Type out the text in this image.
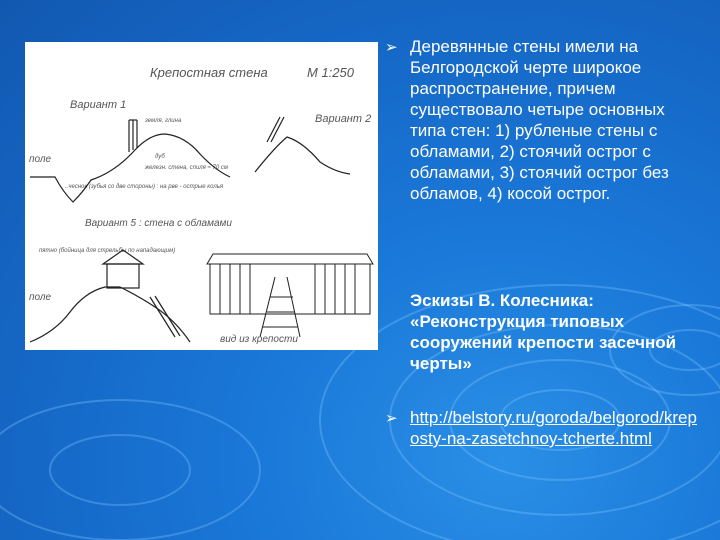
Крепостная стена	М 1:250
Вариант 1
Вариант 2
поле
земля, глина
дуб
железн. стена, спиля ≈ 70 см
..чеснок (зубья со две стороны) : на рве - острые колья
Вариант 5 : стена с обламами
поле
пятно (бойница для стрельбы по нападающим)
вид из крепости
➢ Деревянные стены имели на Белгородской черте широкое распространение, причем существовало четыре основных типа стен: 1) рубленые стены с обламами, 2) стоячий острог с обламами, 3) стоячий острог без обламов, 4) косой острог.
Эскизы В. Колесника: «Реконструкция типовых сооружений крепости засечной черты»
➢ http://belstory.ru/goroda/belgorod/kreposty-na-zasetchnoy-tcherte.html
